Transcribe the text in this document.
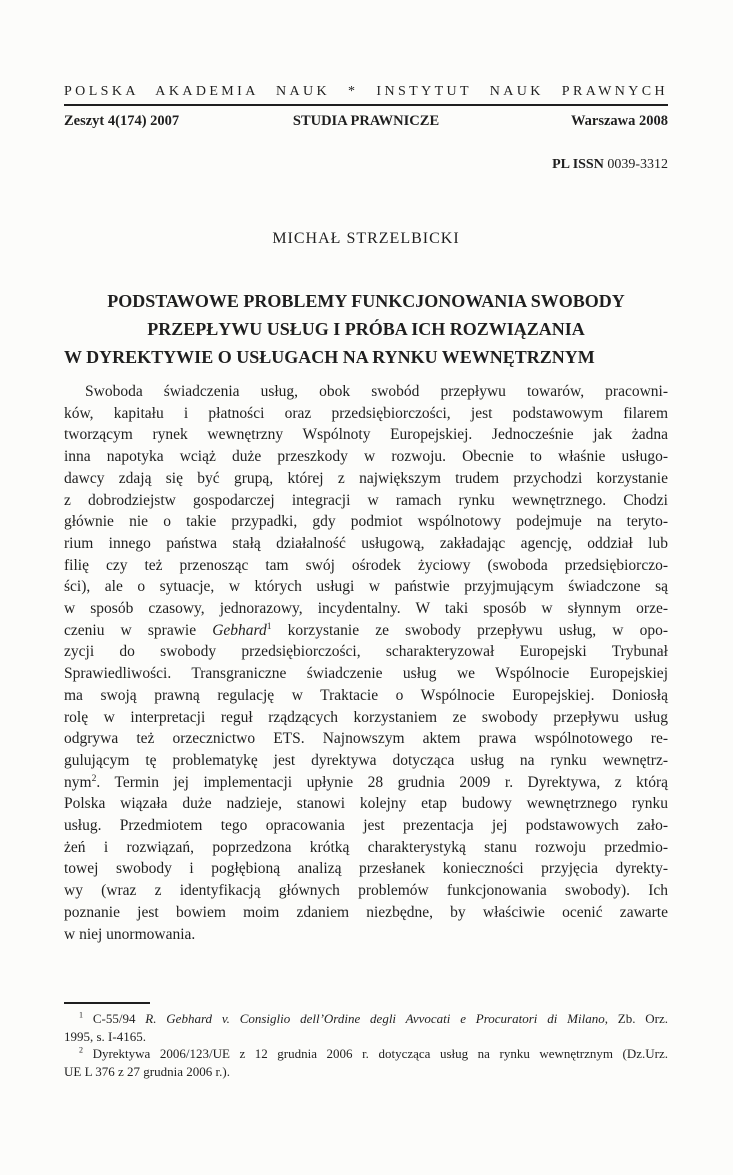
POLSKA AKADEMIA NAUK * INSTYTUT NAUK PRAWNYCH
Zeszyt 4(174) 2007	STUDIA PRAWNICZE	Warszawa 2008
PL ISSN 0039-3312
MICHAŁ STRZELBICKI
PODSTAWOWE PROBLEMY FUNKCJONOWANIA SWOBODY
PRZEPŁYWU USŁUG I PRÓBA ICH ROZWIĄZANIA
W DYREKTYWIE O USŁUGACH NA RYNKU WEWNĘTRZNYM
Swoboda świadczenia usług, obok swobód przepływu towarów, pracowni-
ków, kapitału i płatności oraz przedsiębiorczości, jest podstawowym filarem
tworzącym rynek wewnętrzny Wspólnoty Europejskiej. Jednocześnie jak żadna
inna napotyka wciąż duże przeszkody w rozwoju. Obecnie to właśnie usługo-
dawcy zdają się być grupą, której z największym trudem przychodzi korzystanie
z dobrodziejstw gospodarczej integracji w ramach rynku wewnętrznego. Chodzi
głównie nie o takie przypadki, gdy podmiot wspólnotowy podejmuje na teryto-
rium innego państwa stałą działalność usługową, zakładając agencję, oddział lub
filię czy też przenosząc tam swój ośrodek życiowy (swoboda przedsiębiorczo-
ści), ale o sytuacje, w których usługi w państwie przyjmującym świadczone są
w sposób czasowy, jednorazowy, incydentalny. W taki sposób w słynnym orze-
czeniu w sprawie Gebhard$^1$ korzystanie ze swobody przepływu usług, w opo-
zycji do swobody przedsiębiorczości, scharakteryzował Europejski Trybunał
Sprawiedliwości. Transgraniczne świadczenie usług we Wspólnocie Europejskiej
ma swoją prawną regulację w Traktacie o Wspólnocie Europejskiej. Doniosłą
rolę w interpretacji reguł rządzących korzystaniem ze swobody przepływu usług
odgrywa też orzecznictwo ETS. Najnowszym aktem prawa wspólnotowego re-
gulującym tę problematykę jest dyrektywa dotycząca usług na rynku wewnętrz-
nym$^2$. Termin jej implementacji upłynie 28 grudnia 2009 r. Dyrektywa, z którą
Polska wiązała duże nadzieje, stanowi kolejny etap budowy wewnętrznego rynku
usług. Przedmiotem tego opracowania jest prezentacja jej podstawowych zało-
żeń i rozwiązań, poprzedzona krótką charakterystyką stanu rozwoju przedmio-
towej swobody i pogłębioną analizą przesłanek konieczności przyjęcia dyrekty-
wy (wraz z identyfikacją głównych problemów funkcjonowania swobody). Ich
poznanie jest bowiem moim zdaniem niezbędne, by właściwie ocenić zawarte
w niej unormowania.
$^1$ C-55/94 R. Gebhard v. Consiglio dell’Ordine degli Avvocati e Procuratori di Milano, Zb. Orz.
1995, s. I-4165.
$^2$ Dyrektywa 2006/123/UE z 12 grudnia 2006 r. dotycząca usług na rynku wewnętrznym (Dz.Urz.
UE L 376 z 27 grudnia 2006 r.).
